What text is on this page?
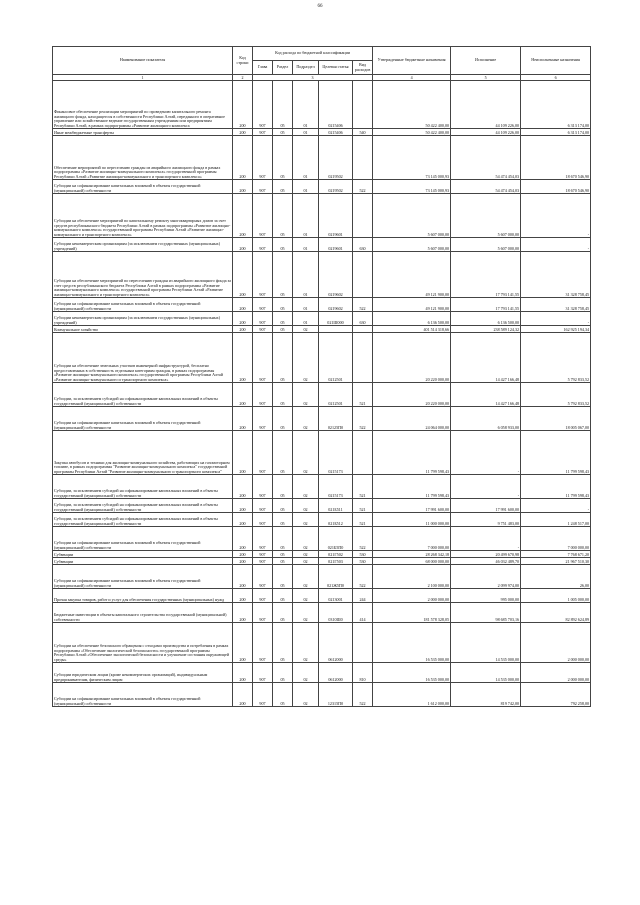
66
Наименование показателя	Код строки	Код расхода по бюджетной классификации					Утвержденные бюджетные назначения	Исполнение	Неисполненные назначения
		Глава	Раздел	Подраздел	Целевая статья	Вид расходов			
1	2	3					4	5	6
Финансовое обеспечение реализации мероприятий по проведению капитального ремонта жилищного фонда, находящегося в собственности Республики Алтай, переданного в оперативное управление или хозяйственное ведение государственным учреждениям или предприятиям Республики Алтай, в рамках подпрограммы «Развитие жилищного комплекса	200	907	05	01	0215406		50 422 400,00	44 109 226,00	6 313 174,00
Иные межбюджетные трансферты	200	907	05	01	0215406	540	50 422 400,00	44 109 226,00	6 313 174,00
Обеспечение мероприятий по переселению граждан из аварийного жилищного фонда в рамках подпрограммы «Развитие жилищно-коммунального комплекса» государственной программы Республики Алтай «Развитие жилищно-коммунального и транспортного комплекса»	200	907	05	01	0219502		73 145 000,93	54 474 454,03	18 670 546,90
Субсидии на софинансирование капитальных вложений в объекты государственной (муниципальной) собственности	200	907	05	01	0219502	522	73 145 000,93	54 474 454,03	18 670 546,90
Субсидии на обеспечение мероприятий по капитальному ремонту многоквартирных домов за счет средств республиканского бюджета Республики Алтай в рамках подпрограммы «Развитие жилищно-коммунального комплекса» государственной программы Республики Алтай «Развитие жилищно-коммунального и транспортного комплекса»	200	907	05	01	0219601		5 607 000,00	5 607 000,00	-
Субсидии некоммерческим организациям (за исключением государственных (муниципальных) учреждений)	200	907	05	01	0219601	630	5 607 000,00	5 607 000,00	-
Субсидии на обеспечение мероприятий по переселению граждан из аварийного жилищного фонда за счет средств республиканского бюджета Республики Алтай в рамках подпрограммы «Развитие жилищно-коммунального комплекса» государственной программы Республики Алтай «Развитие жилищно-коммунального и транспортного комплекса»	200	907	05	01	0219602		49 121 900,00	17 793 141,55	31 328 758,45
Субсидии на софинансирование капитальных вложений в объекты государственной (муниципальной) собственности	200	907	05	01	0219602	522	49 121 900,00	17 793 141,55	31 328 758,45
Субсидии некоммерческим организациям (за исключением государственных (муниципальных) учреждений)	200	907	05	01	021Ш000	630	6 136 500,00	6 136 500,00	-
Коммунальное хозяйство	200	907	05	02			401 514 318,66	238 589 124,32	162 925 194,34
Субсидии на обеспечение земельных участков инженерной инфраструктурой, бесплатно предоставленных в собственность отдельным категориям граждан, в рамках подпрограммы «Развитие жилищно-коммунального комплекса» государственной программы Республики Алтай «Развитие жилищно-коммунального и транспортного комплекса»	200	907	05	02	0212501		20 220 000,00	14 427 166,48	5 792 833,52
Субсидии, за исключением субсидий на софинансирование капитальных вложений в объекты государственной (муниципальной) собственности	200	907	05	02	0212501	521	20 220 000,00	14 427 166,48	5 792 833,52
Субсидии на софинансирование капитальных вложений в объекты государственной (муниципальной) собственности	200	907	05	02	02125П0	522	24 064 000,00	6 058 933,00	18 005 067,00
Закупка автобусов и техники для жилищно-коммунального хозяйства, работающих на газомоторном топливе, в рамках подпрограммы "Развитие жилищно-коммунального комплекса" государственной программы Республики Алтай "Развитие жилищно-коммунального и транспортного комплекса"	200	907	05	02	0215173		11 799 598,43	-	11 799 598,43
Субсидии, за исключением субсидий на софинансирование капитальных вложений в объекты государственной (муниципальной) собственности	200	907	05	02	0215173	521	11 799 598,43	-	11 799 598,43
Субсидии, за исключением субсидий на софинансирование капитальных вложений в объекты государственной (муниципальной) собственности	200	907	05	02	021Б511	521	17 991 600,00	17 991 600,00	-
Субсидии, за исключением субсидий на софинансирование капитальных вложений в объекты государственной (муниципальной) собственности	200	907	05	02	021Б512	521	11 000 000,00	9 751 483,00	1 248 517,00
Субсидии на софинансирование капитальных вложений в объекты государственной (муниципальной) собственности	200	907	05	02	021Б5П0	522	7 000 000,00	-	7 000 000,00
Субвенции	200	907	05	02	021Г502	530	28 268 342,18	20 499 670,98	7 768 671,20
Субвенции	200	907	05	02	021Г503	530	68 000 000,00	46 032 489,70	21 967 510,30
Субсидии на софинансирование капитальных вложений в объекты государственной (муниципальной) собственности	200	907	05	02	021Ж5П0	522	2 100 000,00	2 099 974,00	26,00
Прочая закупка товаров, работ и услуг для обеспечения государственных (муниципальных) нужд	200	907	05	02	0213001	244	2 000 000,00	995 000,00	1 005 000,00
Бюджетные инвестиции в объекты капитального строительства государственной (муниципальной) собственности	200	907	05	02	0310Ш0	414	181 578 328,05	98 685 703,16	82 892 624,89
Субсидии на обеспечение безопасного обращения с отходами производства и потребления в рамках подпрограммы «Обеспечение экологической безопасности» государственной программы Республики Алтай «Обеспечение экологической безопасности и улучшение состояния окружающей среды»	200	907	05	02	0612000		16 535 000,00	14 535 000,00	2 000 000,00
Субсидии юридическим лицам (кроме некоммерческих организаций), индивидуальным предпринимателям, физическим лицам	200	907	05	02	0612000	810	16 535 000,00	14 535 000,00	2 000 000,00
Субсидии на софинансирование капитальных вложений в объекты государственной (муниципальной) собственности	200	907	05	02	12315П0	522	1 612 000,00	819 742,00	792 258,00
